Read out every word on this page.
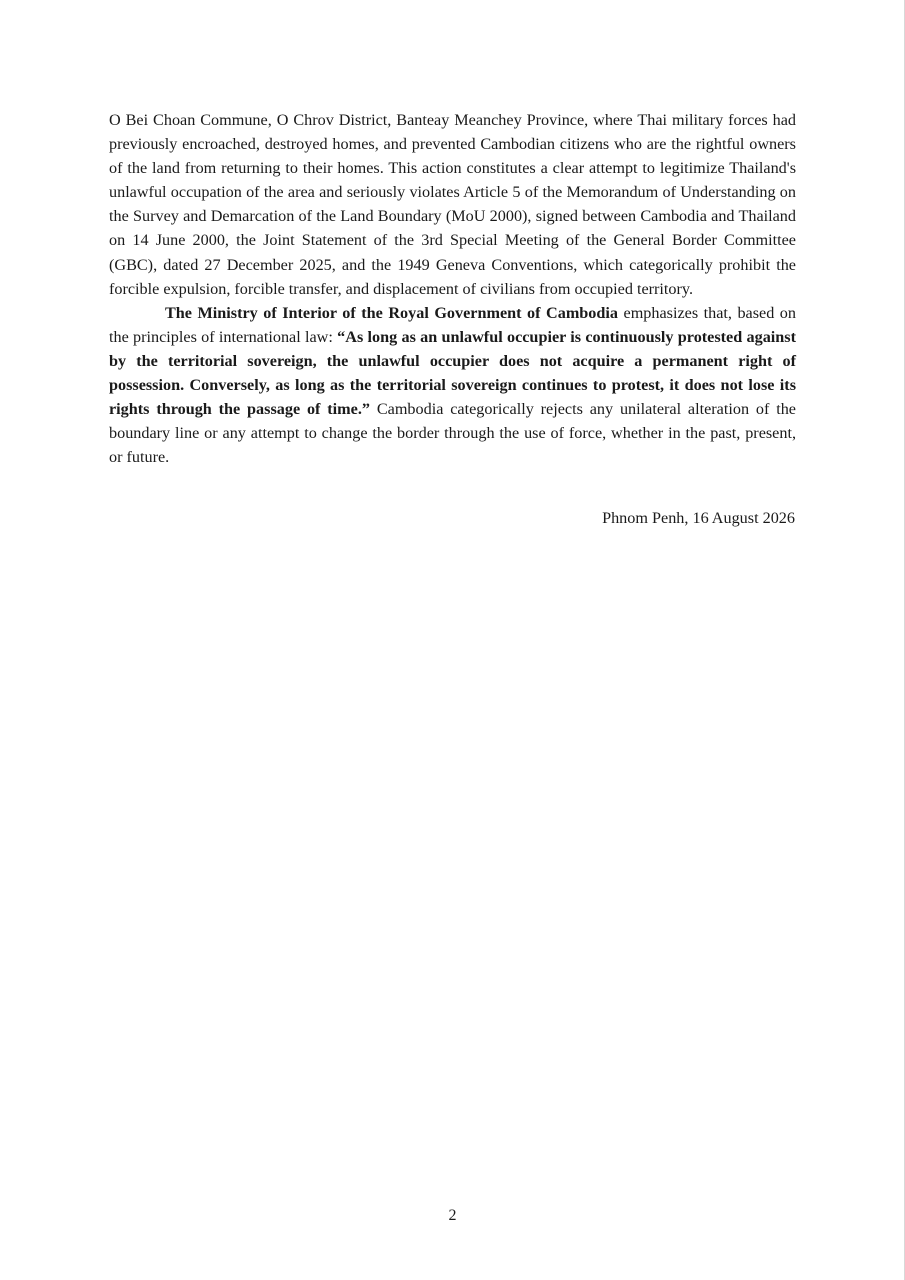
O Bei Choan Commune, O Chrov District, Banteay Meanchey Province, where Thai military forces had previously encroached, destroyed homes, and prevented Cambodian citizens who are the rightful owners of the land from returning to their homes. This action constitutes a clear attempt to legitimize Thailand's unlawful occupation of the area and seriously violates Article 5 of the Memorandum of Understanding on the Survey and Demarcation of the Land Boundary (MoU 2000), signed between Cambodia and Thailand on 14 June 2000, the Joint Statement of the 3rd Special Meeting of the General Border Committee (GBC), dated 27 December 2025, and the 1949 Geneva Conventions, which categorically prohibit the forcible expulsion, forcible transfer, and displacement of civilians from occupied territory.

The Ministry of Interior of the Royal Government of Cambodia emphasizes that, based on the principles of international law: “As long as an unlawful occupier is continuously protested against by the territorial sovereign, the unlawful occupier does not acquire a permanent right of possession. Conversely, as long as the territorial sovereign continues to protest, it does not lose its rights through the passage of time.” Cambodia categorically rejects any unilateral alteration of the boundary line or any attempt to change the border through the use of force, whether in the past, present, or future.

Phnom Penh, 16 August 2026
2
